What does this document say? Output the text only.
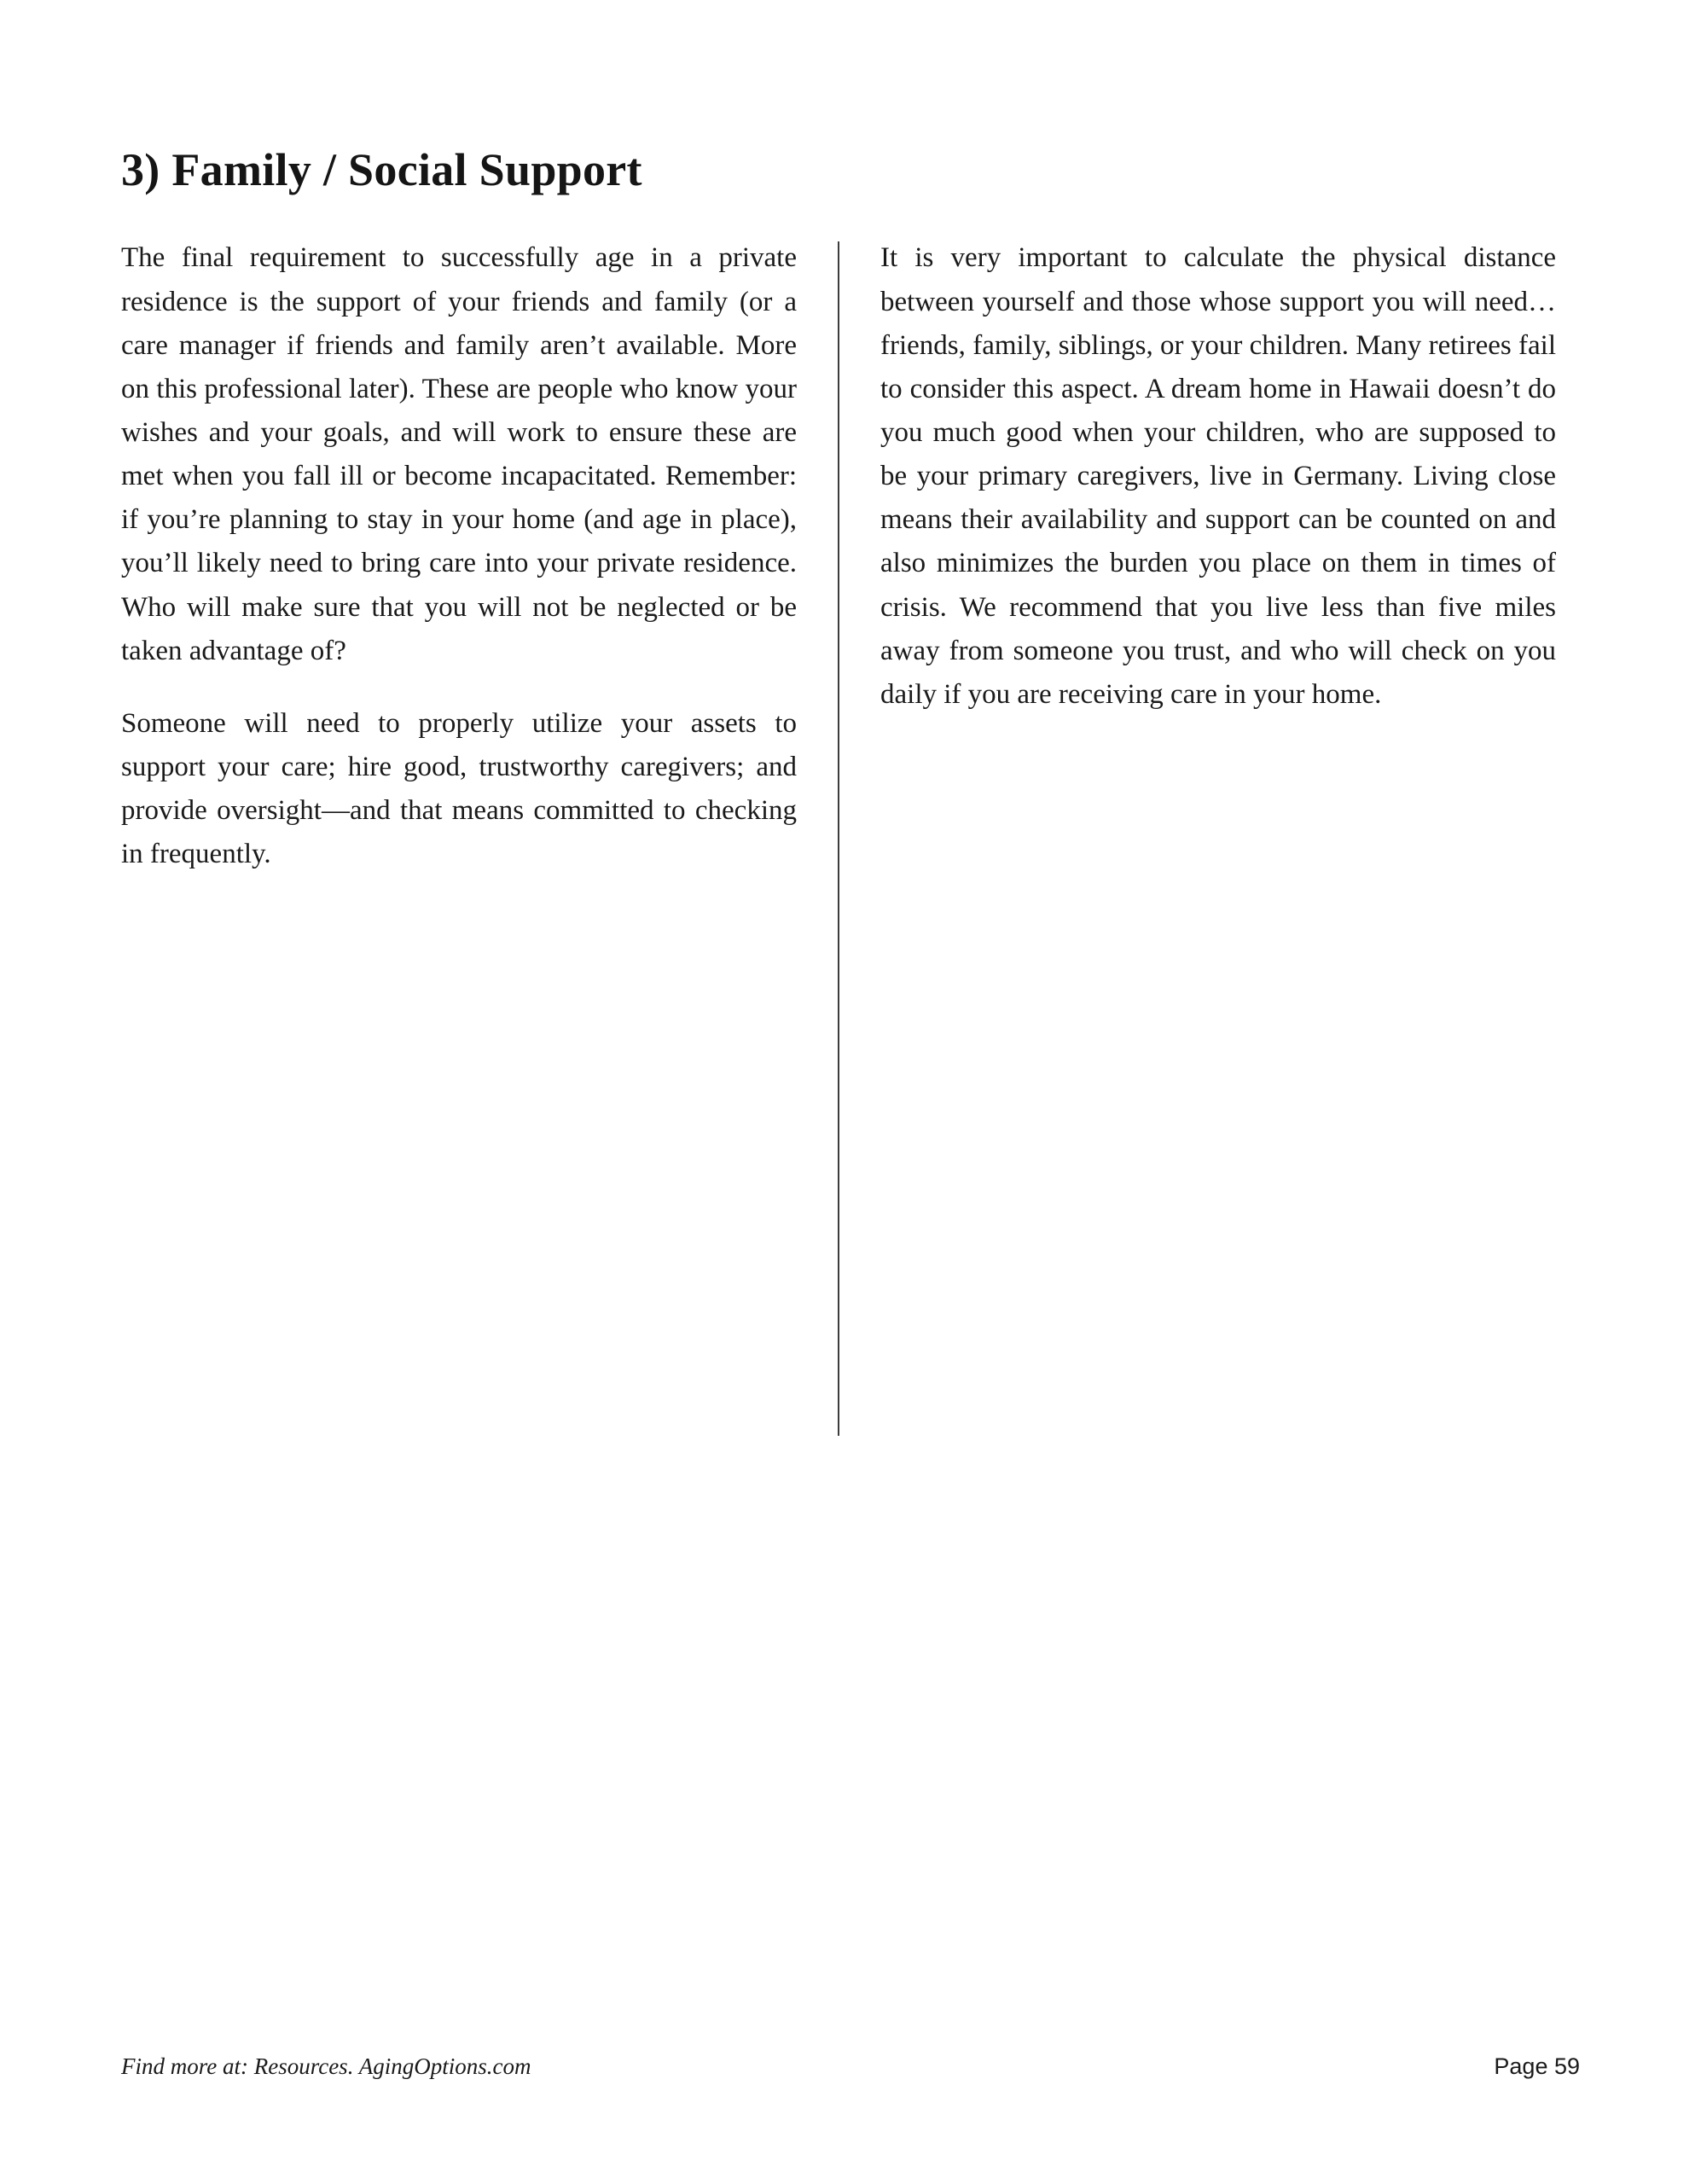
3) Family / Social Support

The final requirement to successfully age in a private residence is the support of your friends and family (or a care manager if friends and family aren’t available. More on this professional later). These are people who know your wishes and your goals, and will work to ensure these are met when you fall ill or become incapacitated. Remember: if you’re planning to stay in your home (and age in place), you’ll likely need to bring care into your private residence. Who will make sure that you will not be neglected or be taken advantage of?

Someone will need to properly utilize your assets to support your care; hire good, trustworthy caregivers; and provide oversight—and that means committed to checking in frequently.

It is very important to calculate the physical distance between yourself and those whose support you will need… friends, family, siblings, or your children. Many retirees fail to consider this aspect. A dream home in Hawaii doesn’t do you much good when your children, who are supposed to be your primary caregivers, live in Germany. Living close means their availability and support can be counted on and also minimizes the burden you place on them in times of crisis. We recommend that you live less than five miles away from someone you trust, and who will check on you daily if you are receiving care in your home.

Find more at: Resources. AgingOptions.com	Page 59
